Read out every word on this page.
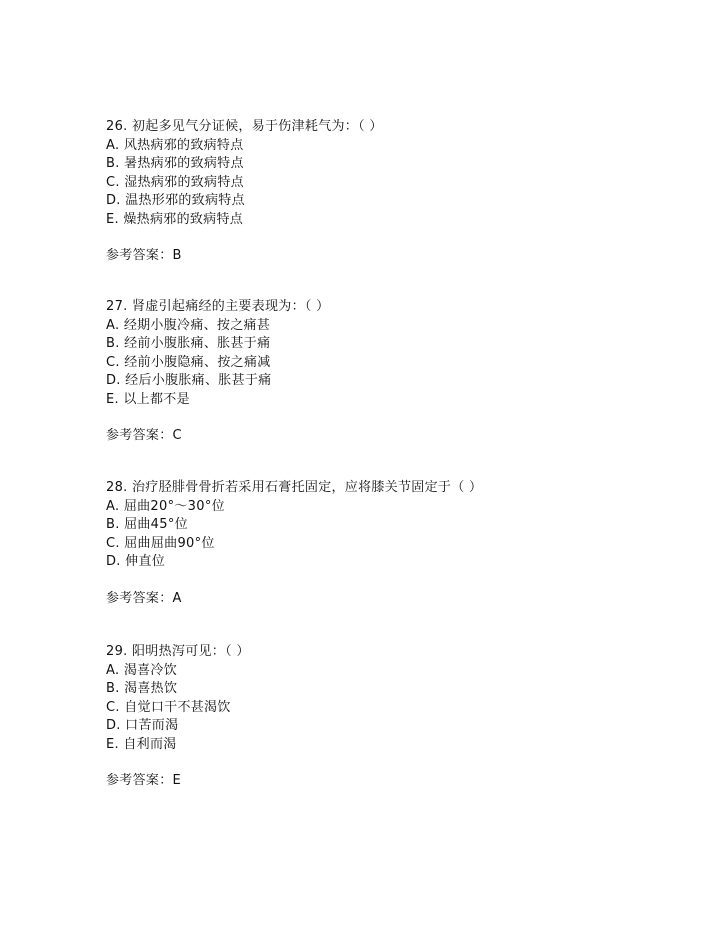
26. 初起多见气分证候，易于伤津耗气为：（ ）
A. 风热病邪的致病特点
B. 暑热病邪的致病特点
C. 湿热病邪的致病特点
D. 温热形邪的致病特点
E. 燥热病邪的致病特点
参考答案：B
27. 肾虚引起痛经的主要表现为：（ ）
A. 经期小腹冷痛、按之痛甚
B. 经前小腹胀痛、胀甚于痛
C. 经前小腹隐痛、按之痛减
D. 经后小腹胀痛、胀甚于痛
E. 以上都不是
参考答案：C
28. 治疗胫腓骨骨折若采用石膏托固定，应将膝关节固定于（ ）
A. 屈曲20°～30°位
B. 屈曲45°位
C. 屈曲屈曲90°位
D. 伸直位
参考答案：A
29. 阳明热泻可见：（ ）
A. 渴喜冷饮
B. 渴喜热饮
C. 自觉口干不甚渴饮
D. 口苦而渴
E. 自利而渴
参考答案：E
